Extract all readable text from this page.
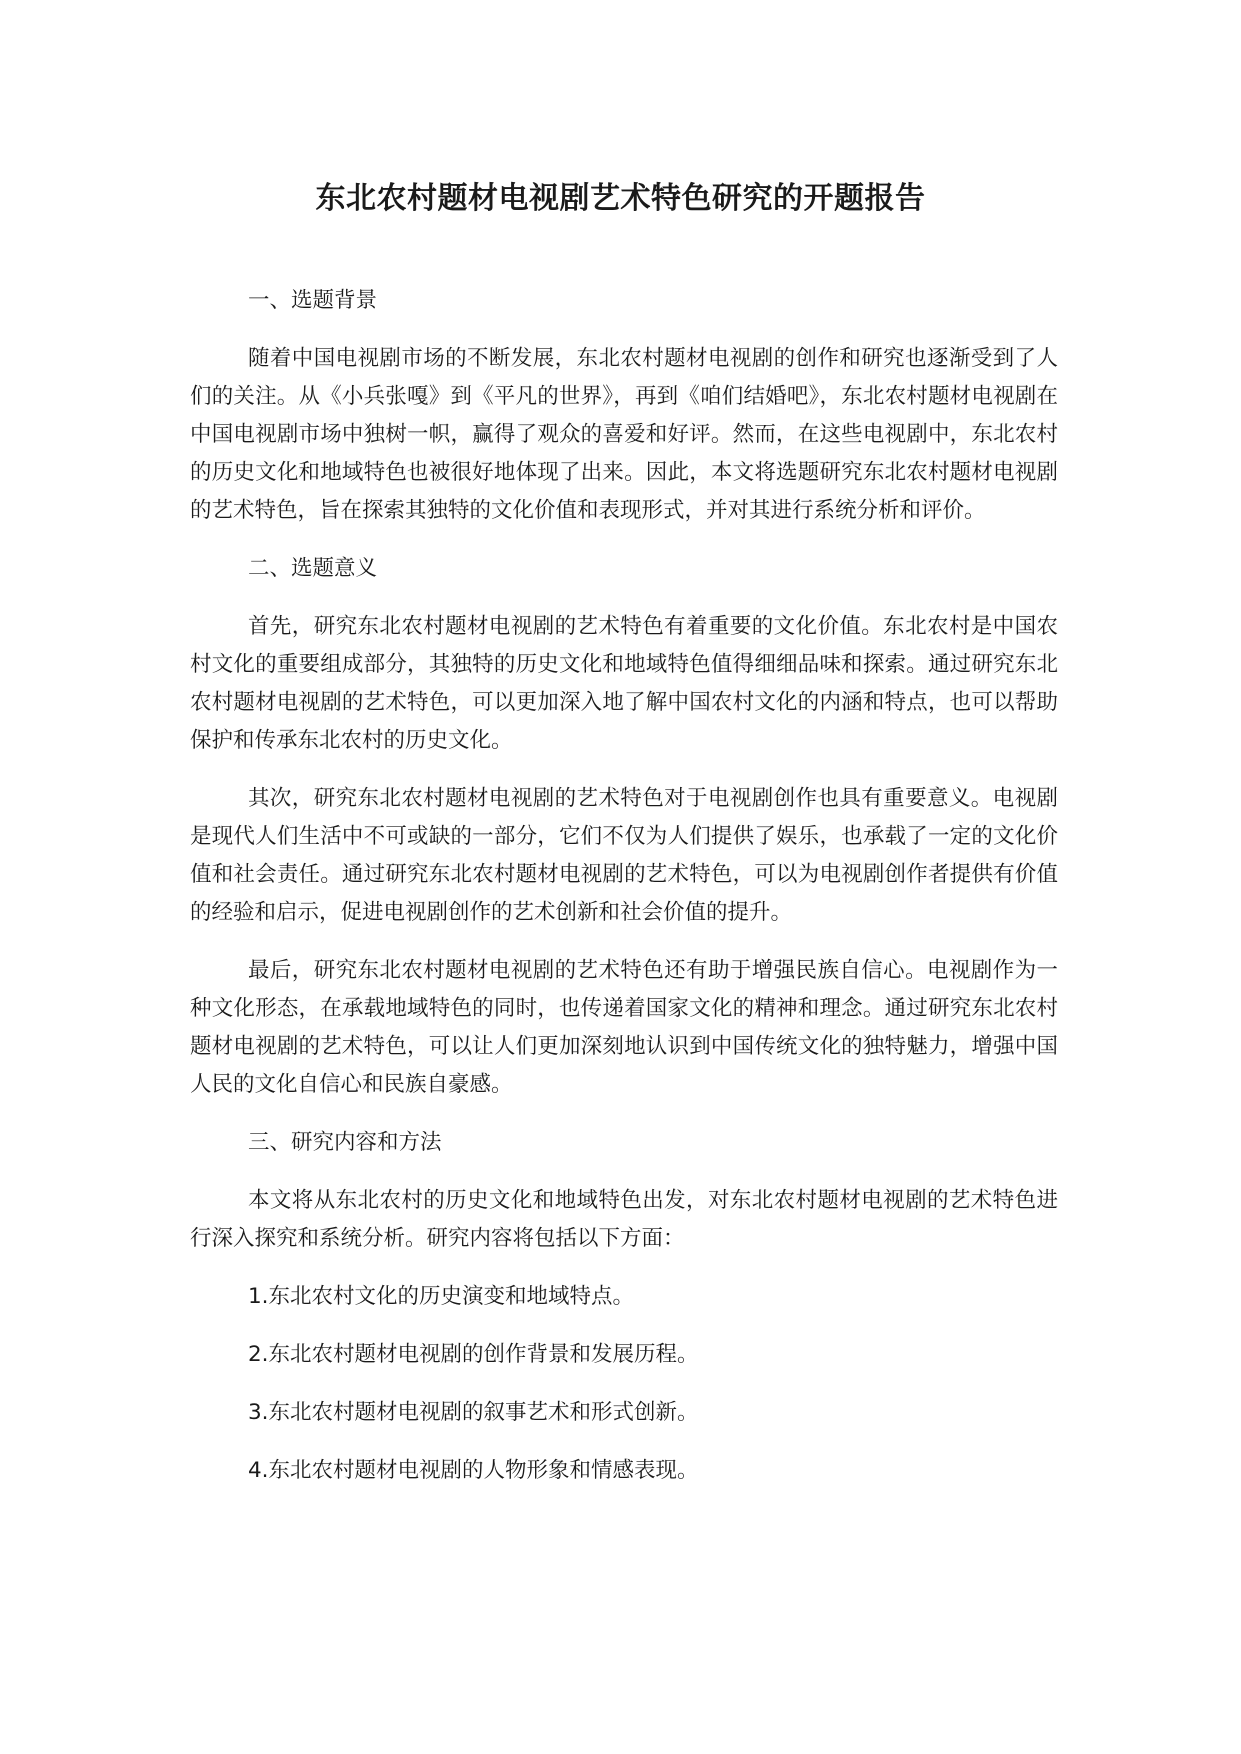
东北农村题材电视剧艺术特色研究的开题报告

一、选题背景

随着中国电视剧市场的不断发展，东北农村题材电视剧的创作和研究也逐渐受到了人们的关注。从《小兵张嘎》到《平凡的世界》，再到《咱们结婚吧》，东北农村题材电视剧在中国电视剧市场中独树一帜，赢得了观众的喜爱和好评。然而，在这些电视剧中，东北农村的历史文化和地域特色也被很好地体现了出来。因此，本文将选题研究东北农村题材电视剧的艺术特色，旨在探索其独特的文化价值和表现形式，并对其进行系统分析和评价。

二、选题意义

首先，研究东北农村题材电视剧的艺术特色有着重要的文化价值。东北农村是中国农村文化的重要组成部分，其独特的历史文化和地域特色值得细细品味和探索。通过研究东北农村题材电视剧的艺术特色，可以更加深入地了解中国农村文化的内涵和特点，也可以帮助保护和传承东北农村的历史文化。

其次，研究东北农村题材电视剧的艺术特色对于电视剧创作也具有重要意义。电视剧是现代人们生活中不可或缺的一部分，它们不仅为人们提供了娱乐，也承载了一定的文化价值和社会责任。通过研究东北农村题材电视剧的艺术特色，可以为电视剧创作者提供有价值的经验和启示，促进电视剧创作的艺术创新和社会价值的提升。

最后，研究东北农村题材电视剧的艺术特色还有助于增强民族自信心。电视剧作为一种文化形态，在承载地域特色的同时，也传递着国家文化的精神和理念。通过研究东北农村题材电视剧的艺术特色，可以让人们更加深刻地认识到中国传统文化的独特魅力，增强中国人民的文化自信心和民族自豪感。

三、研究内容和方法

本文将从东北农村的历史文化和地域特色出发，对东北农村题材电视剧的艺术特色进行深入探究和系统分析。研究内容将包括以下方面：

1.东北农村文化的历史演变和地域特点。

2.东北农村题材电视剧的创作背景和发展历程。

3.东北农村题材电视剧的叙事艺术和形式创新。

4.东北农村题材电视剧的人物形象和情感表现。
